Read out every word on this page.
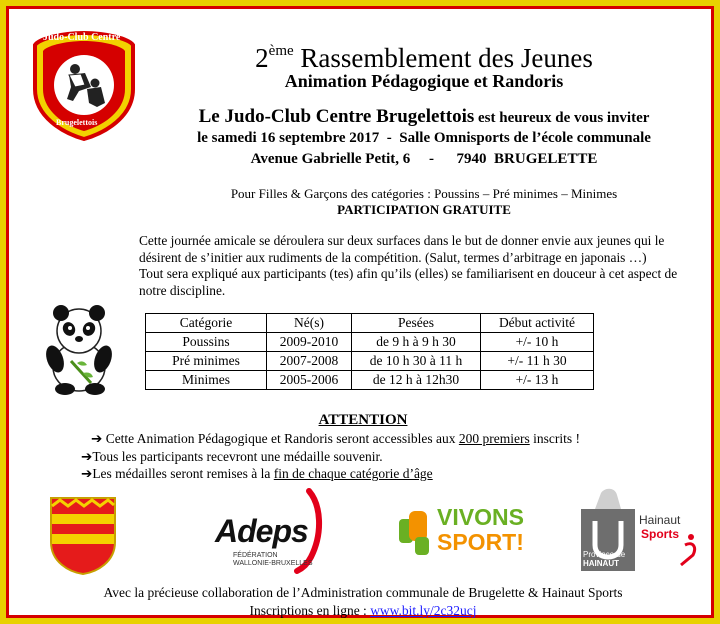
Judo-Club Centre
Brugelettois
2ème Rassemblement des Jeunes
Animation Pédagogique et Randoris
Le Judo-Club Centre Brugelettois est heureux de vous inviter
le samedi 16 septembre 2017  -  Salle Omnisports de l’école communale
Avenue Gabrielle Petit, 6     -      7940  BRUGELETTE
Pour Filles & Garçons des catégories : Poussins – Pré minimes – Minimes
PARTICIPATION GRATUITE
Cette journée amicale se déroulera sur deux surfaces dans le but de donner envie aux jeunes qui le désirent de s’initier aux rudiments de la compétition. (Salut, termes d’arbitrage en japonais …)
Tout sera expliqué aux participants (tes) afin qu’ils (elles) se familiarisent en douceur à cet aspect de notre discipline.
Catégorie	Né(s)	Pesées	Début activité
Poussins	2009-2010	de 9 h à 9 h 30	+/- 10 h
Pré minimes	2007-2008	de 10 h 30 à 11 h	+/- 11 h 30
Minimes	2005-2006	de 12 h à 12h30	+/- 13 h
ATTENTION
➔ Cette Animation Pédagogique et Randoris seront accessibles aux 200 premiers inscrits !
➔Tous les participants recevront une médaille souvenir.
➔Les médailles seront remises à la fin de chaque catégorie d’âge
Adeps
FÉDÉRATION
WALLONIE-BRUXELLES
VIVONS
SPORT!
Hainaut
Sports
Province de
HAINAUT
Avec la précieuse collaboration de l’Administration communale de Brugelette & Hainaut Sports
Inscriptions en ligne : www.bit.ly/2c32ucj
